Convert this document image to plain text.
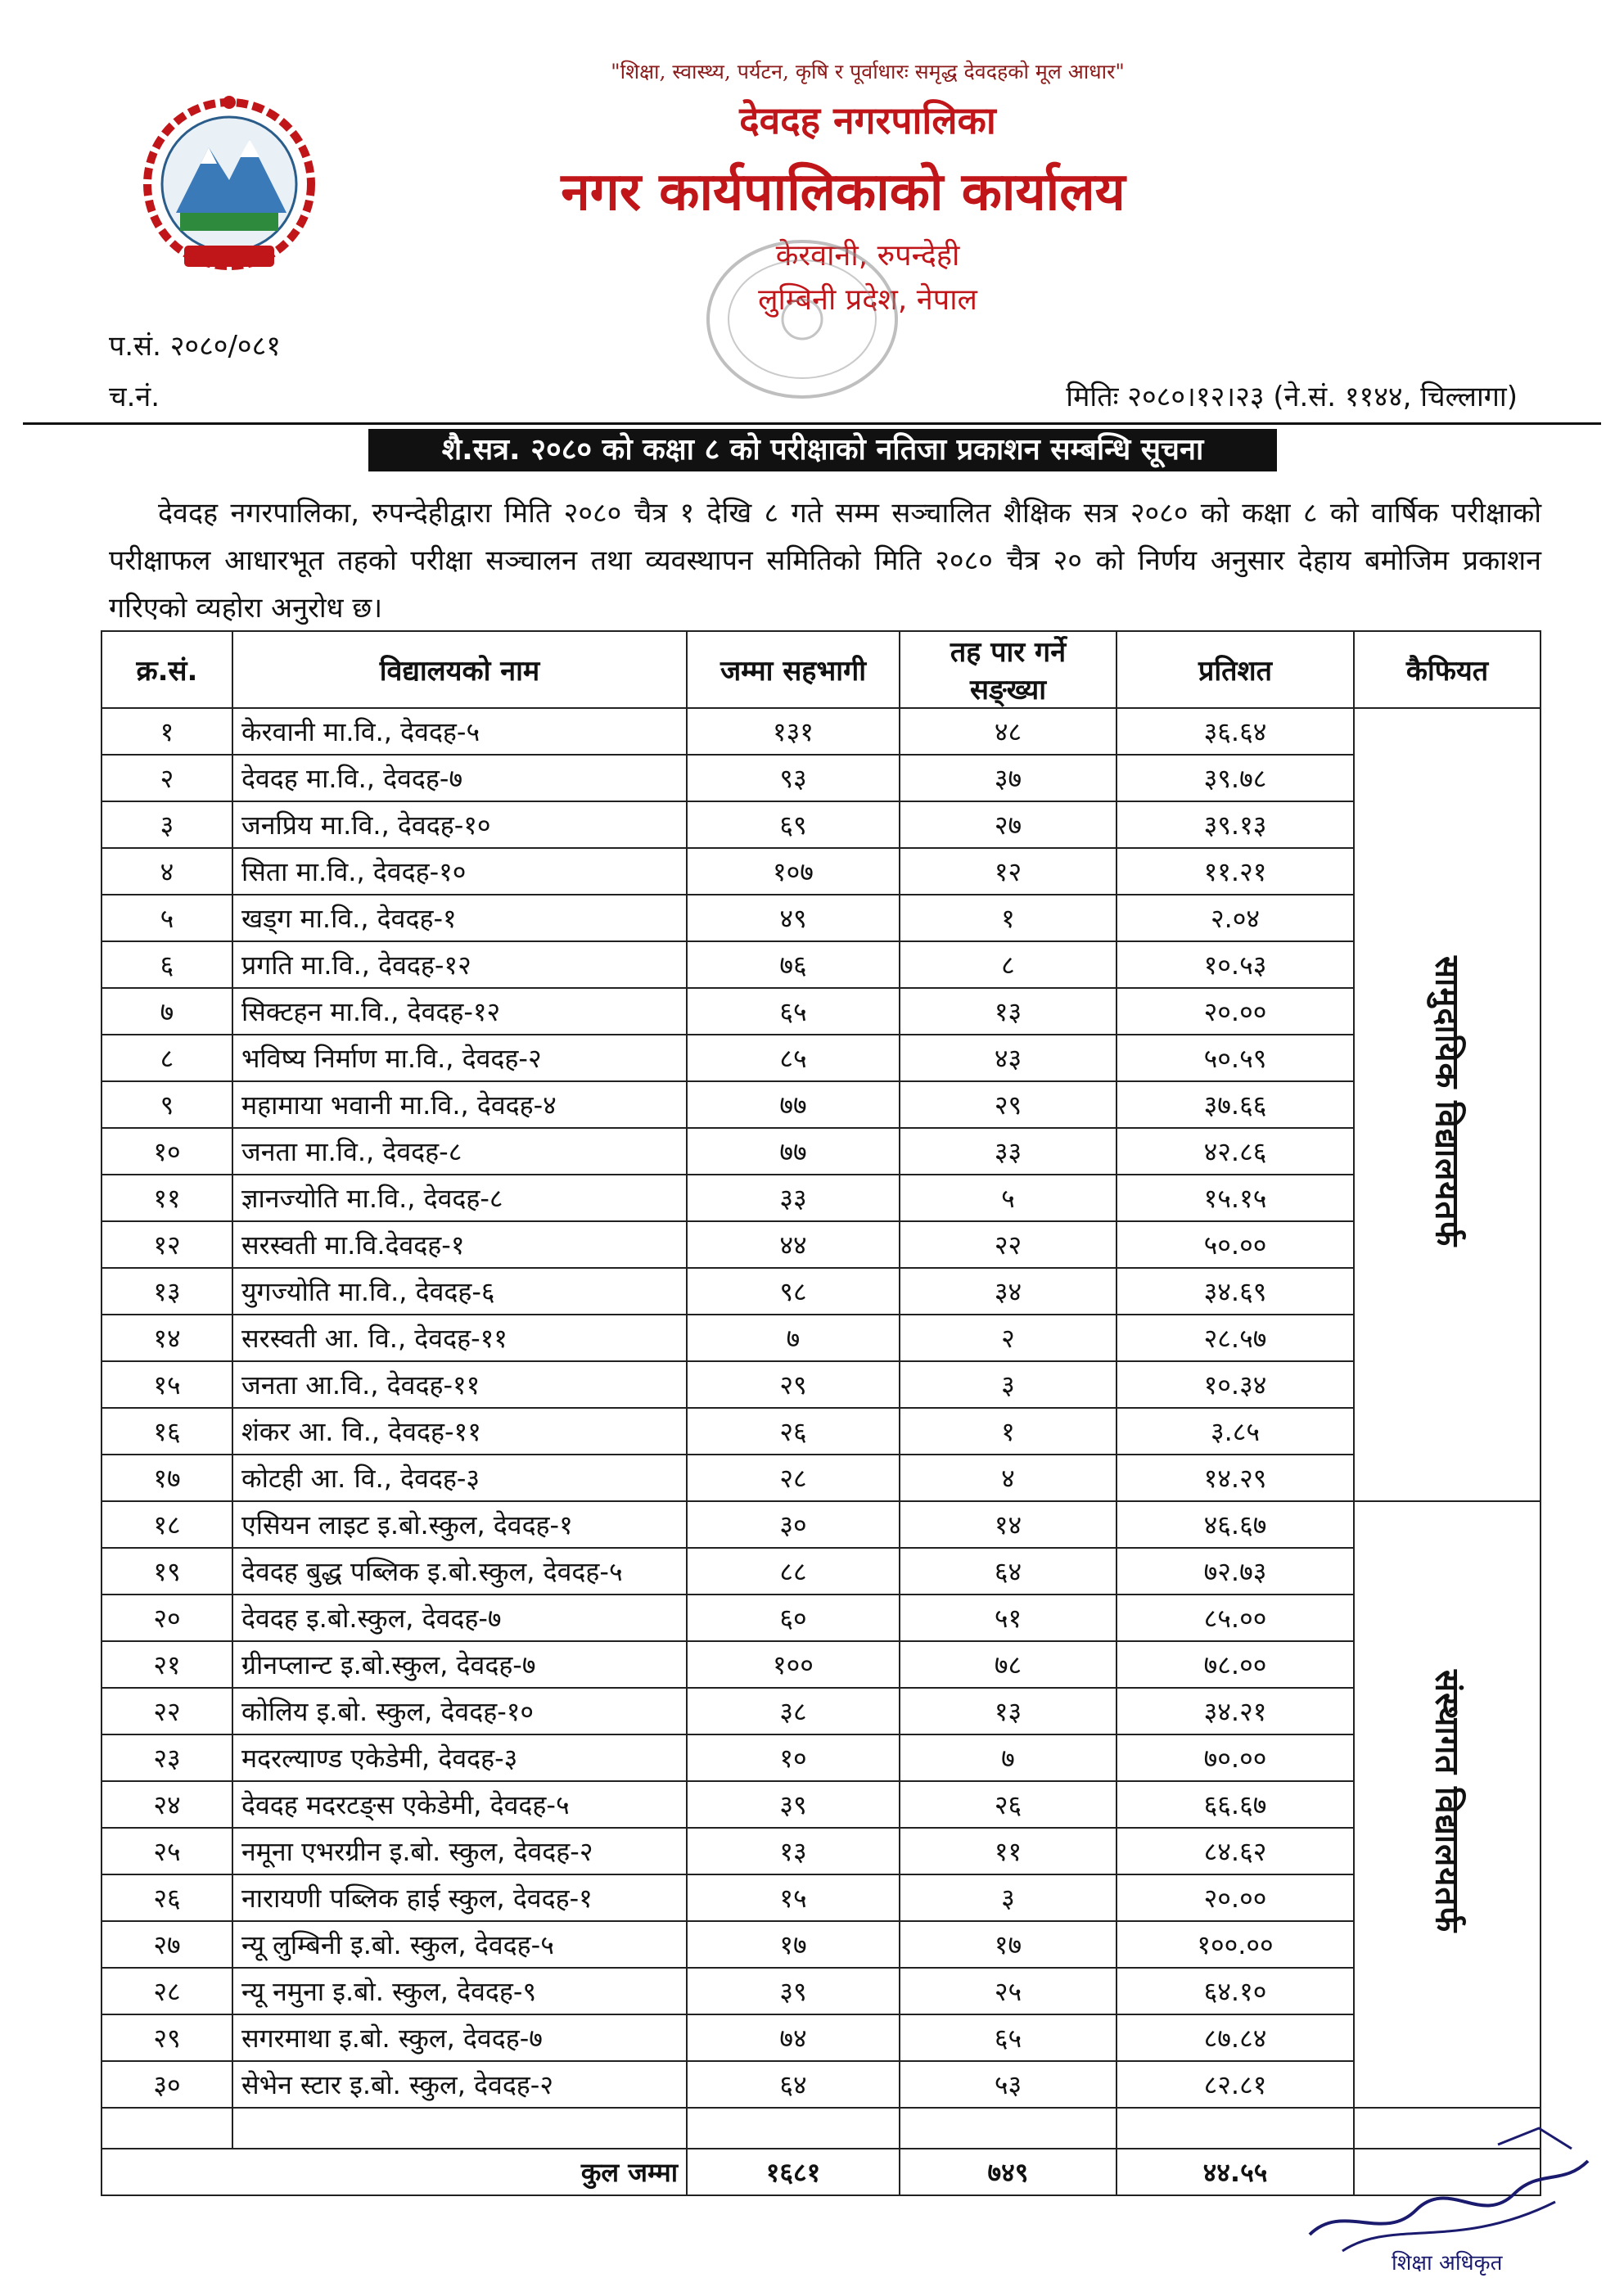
"शिक्षा, स्वास्थ्य, पर्यटन, कृषि र पूर्वाधारः समृद्ध देवदहको मूल आधार"
देवदह नगरपालिका
नगर कार्यपालिकाको कार्यालय
केरवानी, रुपन्देही
लुम्बिनी प्रदेश, नेपाल
प.सं. २०८०/०८१
च.नं.	मितिः २०८०।१२।२३ (ने.सं. ११४४, चिल्लागा)
शै.सत्र. २०८० को कक्षा ८ को परीक्षाको नतिजा प्रकाशन सम्बन्धि सूचना
देवदह नगरपालिका, रुपन्देहीद्वारा मिति २०८० चैत्र १ देखि ८ गते सम्म सञ्चालित शैक्षिक सत्र २०८० को कक्षा ८ को वार्षिक परीक्षाको परीक्षाफल आधारभूत तहको परीक्षा सञ्चालन तथा व्यवस्थापन समितिको मिति २०८० चैत्र २० को निर्णय अनुसार देहाय बमोजिम प्रकाशन गरिएको व्यहोरा अनुरोध छ।
क्र.सं.	विद्यालयको नाम	जम्मा सहभागी	तह पार गर्ने सङ्ख्या	प्रतिशत	कैफियत
१	केरवानी मा.वि., देवदह-५	१३१	४८	३६.६४	सामुदायिक विद्यालयतर्फ
२	देवदह मा.वि., देवदह-७	९३	३७	३९.७८	
३	जनप्रिय मा.वि., देवदह-१०	६९	२७	३९.१३	
४	सिता मा.वि., देवदह-१०	१०७	१२	११.२१	
५	खड्ग मा.वि., देवदह-१	४९	१	२.०४	
६	प्रगति मा.वि., देवदह-१२	७६	८	१०.५३	
७	सिक्टहन मा.वि., देवदह-१२	६५	१३	२०.००	
८	भविष्य निर्माण मा.वि., देवदह-२	८५	४३	५०.५९	
९	महामाया भवानी मा.वि., देवदह-४	७७	२९	३७.६६	
१०	जनता मा.वि., देवदह-८	७७	३३	४२.८६	
११	ज्ञानज्योति मा.वि., देवदह-८	३३	५	१५.१५	
१२	सरस्वती मा.वि.देवदह-१	४४	२२	५०.००	
१३	युगज्योति मा.वि., देवदह-६	९८	३४	३४.६९	
१४	सरस्वती आ. वि., देवदह-११	७	२	२८.५७	
१५	जनता आ.वि., देवदह-११	२९	३	१०.३४	
१६	शंकर आ. वि., देवदह-११	२६	१	३.८५	
१७	कोटही आ. वि., देवदह-३	२८	४	१४.२९	
१८	एसियन लाइट इ.बो.स्कुल, देवदह-१	३०	१४	४६.६७	संस्थागत विद्यालयतर्फ
१९	देवदह बुद्ध पब्लिक इ.बो.स्कुल, देवदह-५	८८	६४	७२.७३	
२०	देवदह इ.बो.स्कुल, देवदह-७	६०	५१	८५.००	
२१	ग्रीनप्लान्ट इ.बो.स्कुल, देवदह-७	१००	७८	७८.००	
२२	कोलिय इ.बो. स्कुल, देवदह-१०	३८	१३	३४.२१	
२३	मदरल्याण्ड एकेडेमी, देवदह-३	१०	७	७०.००	
२४	देवदह मदरटङ्स एकेडेमी, देवदह-५	३९	२६	६६.६७	
२५	नमूना एभरग्रीन इ.बो. स्कुल, देवदह-२	१३	११	८४.६२	
२६	नारायणी पब्लिक हाई स्कुल, देवदह-१	१५	३	२०.००	
२७	न्यू लुम्बिनी इ.बो. स्कुल, देवदह-५	१७	१७	१००.००	
२८	न्यू नमुना इ.बो. स्कुल, देवदह-९	३९	२५	६४.१०	
२९	सगरमाथा इ.बो. स्कुल, देवदह-७	७४	६५	८७.८४	
३०	सेभेन स्टार इ.बो. स्कुल, देवदह-२	६४	५३	८२.८१	

कुल जम्मा		१६८१	७४९	४४.५५	
शिक्षा अधिकृत
